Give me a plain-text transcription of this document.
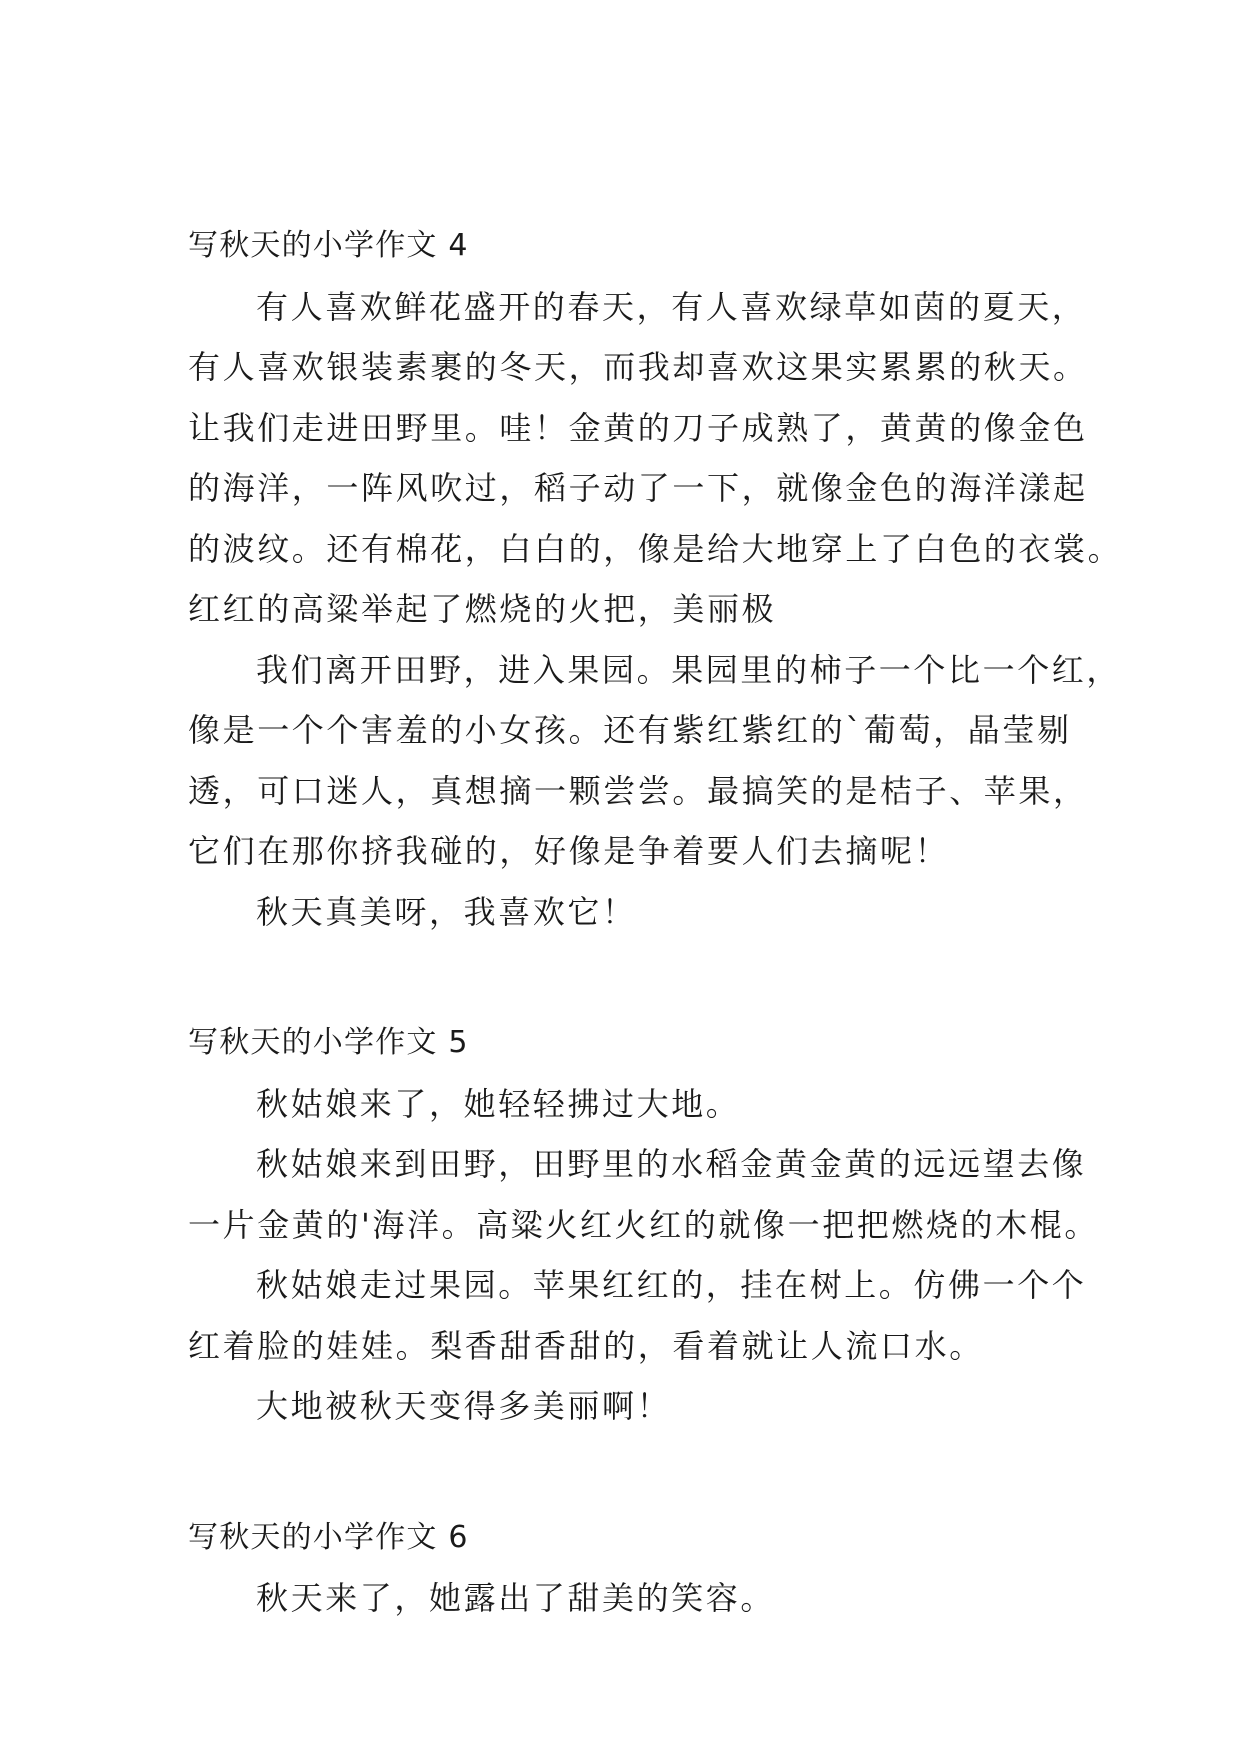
写秋天的小学作文 4
有人喜欢鲜花盛开的春天，有人喜欢绿草如茵的夏天，
有人喜欢银装素裹的冬天，而我却喜欢这果实累累的秋天。
让我们走进田野里。哇！金黄的刀子成熟了，黄黄的像金色
的海洋，一阵风吹过，稻子动了一下，就像金色的海洋漾起
的波纹。还有棉花，白白的，像是给大地穿上了白色的衣裳。
红红的高粱举起了燃烧的火把，美丽极
我们离开田野，进入果园。果园里的柿子一个比一个红，
像是一个个害羞的小女孩。还有紫红紫红的`葡萄，晶莹剔
透，可口迷人，真想摘一颗尝尝。最搞笑的是桔子、苹果，
它们在那你挤我碰的，好像是争着要人们去摘呢！
秋天真美呀，我喜欢它！
写秋天的小学作文 5
秋姑娘来了，她轻轻拂过大地。
秋姑娘来到田野，田野里的水稻金黄金黄的远远望去像
一片金黄的'海洋。高粱火红火红的就像一把把燃烧的木棍。
秋姑娘走过果园。苹果红红的，挂在树上。仿佛一个个
红着脸的娃娃。梨香甜香甜的，看着就让人流口水。
大地被秋天变得多美丽啊！
写秋天的小学作文 6
秋天来了，她露出了甜美的笑容。
